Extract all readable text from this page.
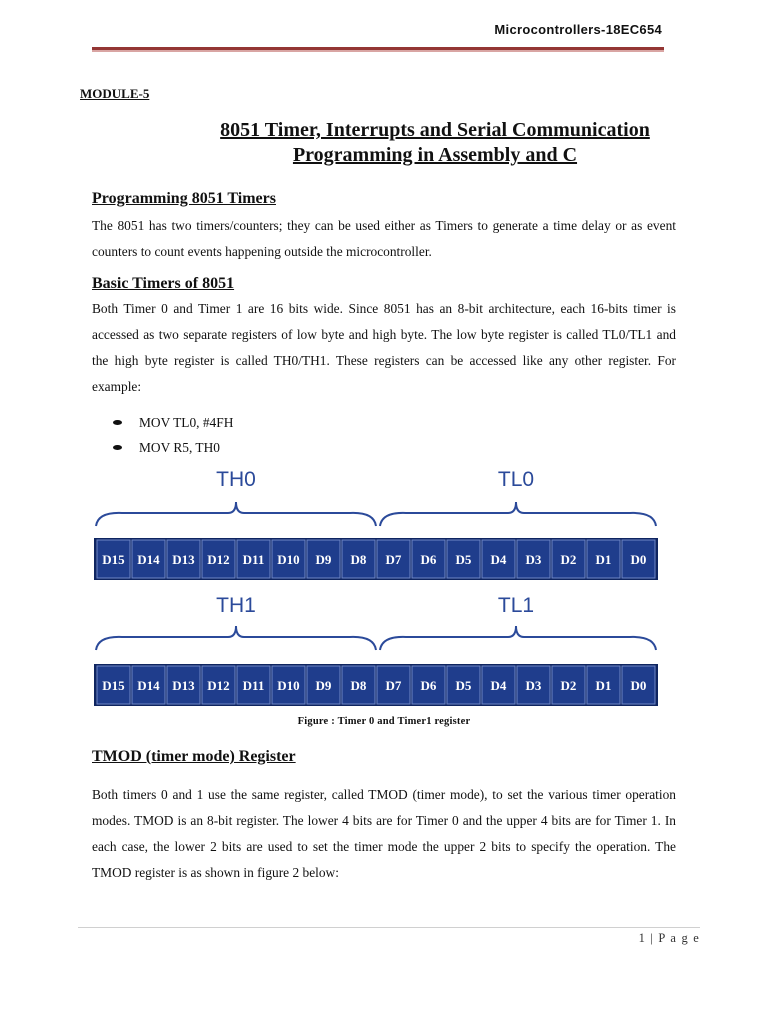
Microcontrollers-18EC654
MODULE-5
8051 Timer, Interrupts and Serial Communication
Programming in Assembly and C
Programming 8051 Timers
The 8051 has two timers/counters; they can be used either as Timers to generate a time delay or as event counters to count events happening outside the microcontroller.
Basic Timers of 8051
Both Timer 0 and Timer 1 are 16 bits wide. Since 8051 has an 8-bit architecture, each 16-bits timer is accessed as two separate registers of low byte and high byte. The low byte register is called TL0/TL1 and the high byte register is called TH0/TH1. These registers can be accessed like any other register. For example:
MOV TL0, #4FH
MOV R5, TH0
TH0	TL0
D15 D14 D13 D12 D11 D10 D9 D8 D7 D6 D5 D4 D3 D2 D1 D0
TH1	TL1
D15 D14 D13 D12 D11 D10 D9 D8 D7 D6 D5 D4 D3 D2 D1 D0
Figure : Timer 0 and Timer1 register
TMOD (timer mode) Register
Both timers 0 and 1 use the same register, called TMOD (timer mode), to set the various timer operation modes. TMOD is an 8-bit register. The lower 4 bits are for Timer 0 and the upper 4 bits are for Timer 1. In each case, the lower 2 bits are used to set the timer mode the upper 2 bits to specify the operation. The TMOD register is as shown in figure 2 below:
1 | P a g e
